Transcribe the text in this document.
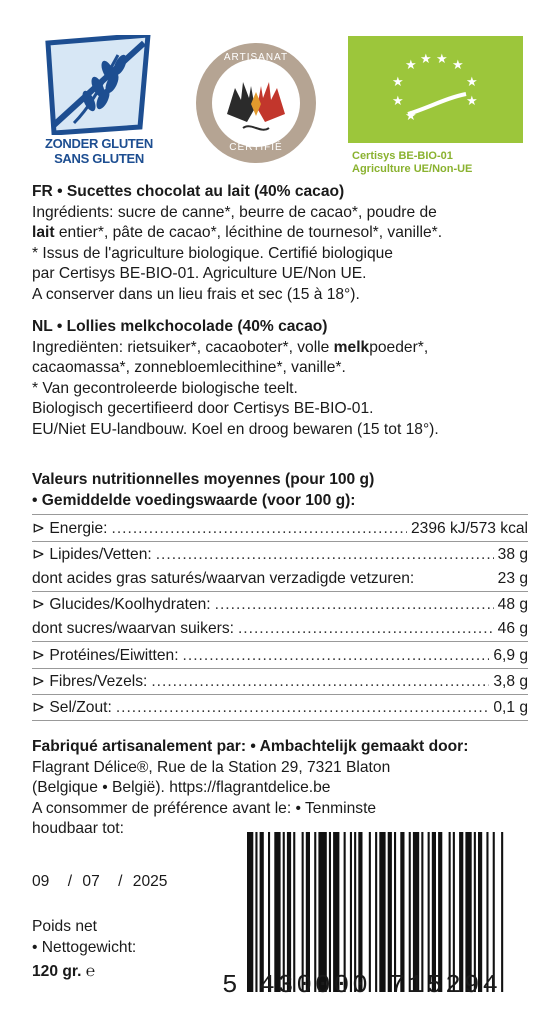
ZONDER GLUTEN
SANS GLUTEN
ARTISANAT
CERTIFIÉ
★ ★ ★ ★
★	★
★
★
★
Certisys BE-BIO-01
Agriculture UE/Non-UE

FR • Sucettes chocolat au lait (40% cacao)

Ingrédients: sucre de canne*, beurre de cacao*, poudre de

lait entier*, pâte de cacao*, lécithine de tournesol*, vanille*.

* Issus de l'agriculture biologique. Certifié biologique

par Certisys BE-BIO-01. Agriculture UE/Non UE.

A conserver dans un lieu frais et sec (15 à 18°).

NL • Lollies melkchocolade (40% cacao)

Ingrediënten: rietsuiker*, cacaoboter*, volle melkpoeder*,

cacaomassa*, zonnebloemlecithine*, vanille*.

* Van gecontroleerde biologische teelt.

Biologisch gecertifieerd door Certisys BE-BIO-01.

EU/Niet EU-landbouw. Koel en droog bewaren (15 tot 18°).

Valeurs nutritionnelles moyennes (pour 100 g)
• Gemiddelde voedingswaarde (voor 100 g):
⊳ Energie: .....	2396 kJ/573 kcal
⊳ Lipides/Vetten: .....	38 g
dont acides gras saturés/waarvan verzadigde vetzuren:	23 g
⊳ Glucides/Koolhydraten: .....	48 g
dont sucres/waarvan suikers: .....	46 g
⊳ Protéines/Eiwitten: .....	6,9 g
⊳ Fibres/Vezels: .....	3,8 g
⊳ Sel/Zout: .....	0,1 g

Fabriqué artisanalement par: • Ambachtelijk gemaakt door:

Flagrant Délice®, Rue de la Station 29, 7321 Blaton

(Belgique • België). https://flagrantdelice.be

A consommer de préférence avant le: • Tenminste

houdbaar tot:

09 / 07 / 2025

Poids net

• Nettogewicht:

120 gr. ℮	5 430000 715294
